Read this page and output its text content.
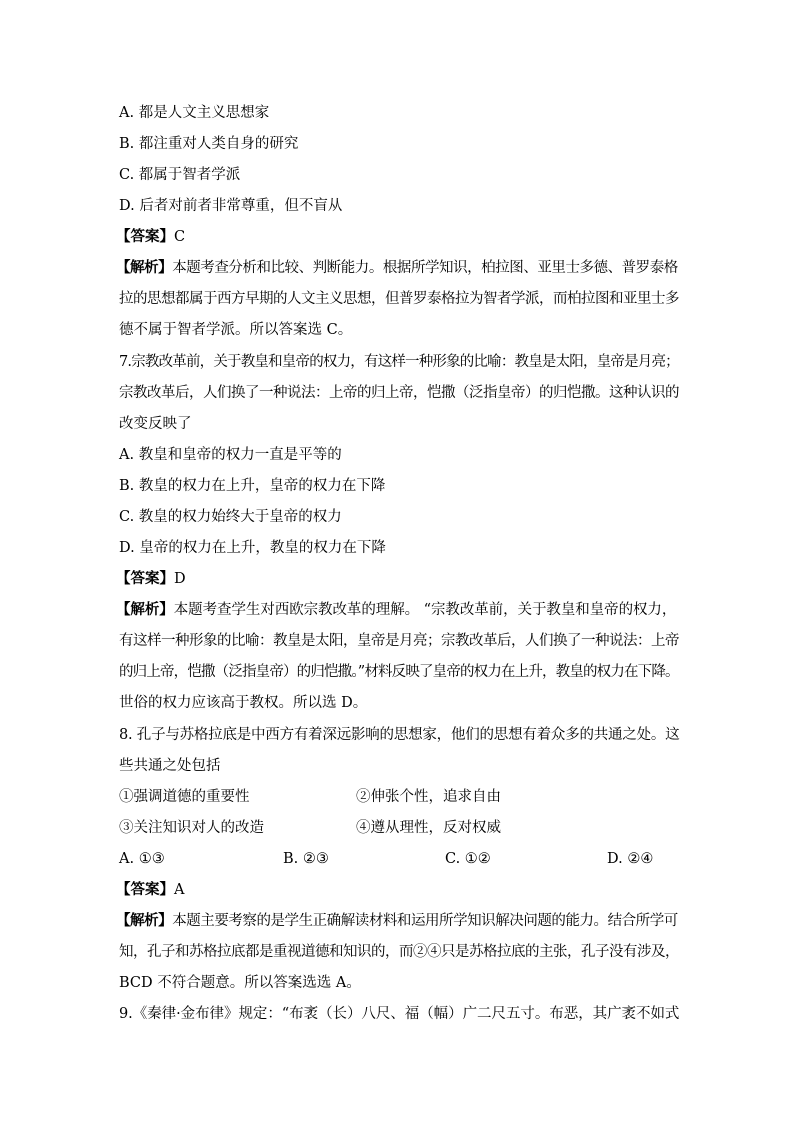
A. 都是人文主义思想家
B. 都注重对人类自身的研究
C. 都属于智者学派
D. 后者对前者非常尊重，但不盲从
【答案】C
【解析】本题考查分析和比较、判断能力。根据所学知识，柏拉图、亚里士多德、普罗泰格
拉的思想都属于西方早期的人文主义思想，但普罗泰格拉为智者学派，而柏拉图和亚里士多
德不属于智者学派。所以答案选 C。
7.宗教改革前，关于教皇和皇帝的权力，有这样一种形象的比喻：教皇是太阳，皇帝是月亮；
宗教改革后，人们换了一种说法：上帝的归上帝，恺撒（泛指皇帝）的归恺撒。这种认识的
改变反映了
A. 教皇和皇帝的权力一直是平等的
B. 教皇的权力在上升，皇帝的权力在下降
C. 教皇的权力始终大于皇帝的权力
D. 皇帝的权力在上升，教皇的权力在下降
【答案】D
【解析】本题考查学生对西欧宗教改革的理解。 “宗教改革前，关于教皇和皇帝的权力，
有这样一种形象的比喻：教皇是太阳，皇帝是月亮；宗教改革后，人们换了一种说法：上帝
的归上帝，恺撒（泛指皇帝）的归恺撒。”材料反映了皇帝的权力在上升，教皇的权力在下降。
世俗的权力应该高于教权。所以选 D。
8. 孔子与苏格拉底是中西方有着深远影响的思想家，他们的思想有着众多的共通之处。这
些共通之处包括
①强调道德的重要性	②伸张个性，追求自由
③关注知识对人的改造	④遵从理性，反对权威
A. ①③	B. ②③	C. ①②	D. ②④
【答案】A
【解析】本题主要考察的是学生正确解读材料和运用所学知识解决问题的能力。结合所学可
知，孔子和苏格拉底都是重视道德和知识的，而②④只是苏格拉底的主张，孔子没有涉及，
BCD 不符合题意。所以答案选选 A。
9.《秦律·金布律》规定：“布袤（长）八尺、福（幅）广二尺五寸。布恶，其广袤不如式
